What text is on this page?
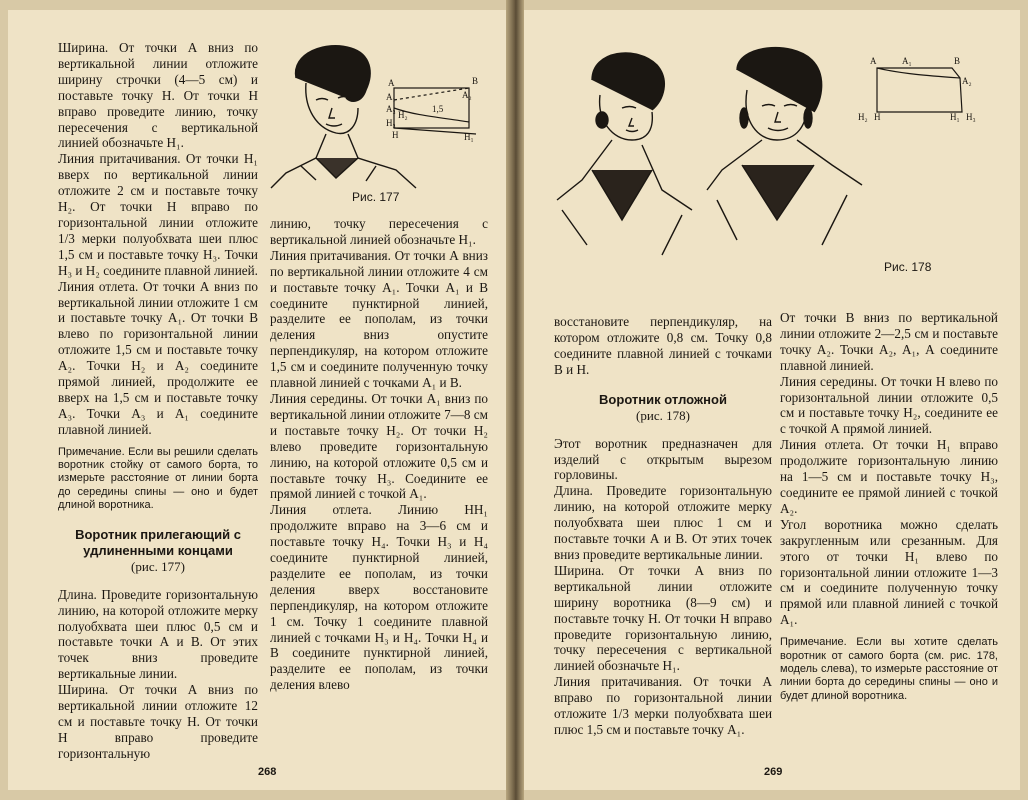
Ширина. От точки А вниз по вертикальной линии отложите ширину строчки (4—5 см) и поставьте точку Н. От точки Н вправо проведите линию, точку пересечения с вертикальной линией обозначьте Н₁.

Линия притачивания. От точки Н₁ вверх по вертикальной линии отложите 2 см и поставьте точку Н₂. От точки Н вправо по горизонтальной линии отложите 1/3 мерки полуобхвата шеи плюс 1,5 см и поставьте точку Н₃. Точки Н₃ и Н₂ соедините плавной линией.

Линия отлета. От точки А вниз по вертикальной линии отложите 1 см и поставьте точку А₁. От точки В влево по горизонтальной линии отложите 1,5 см и поставьте точку А₂. Точки Н₂ и А₂ соедините прямой линией, продолжите ее вверх на 1,5 см и поставьте точку А₃. Точки А₃ и А₁ соедините плавной линией.

Примечание. Если вы решили сделать воротник стойку от самого борта, то измерьте расстояние от линии борта до середины спины — оно и будет длиной воротника.

Воротник прилегающий с удлиненными концами
(рис. 177)

Длина. Проведите горизонтальную линию, на которой отложите мерку полуобхвата шеи плюс 0,5 см и поставьте точки А и В. От этих точек вниз проведите вертикальные линии.

Ширина. От точки А вниз по вертикальной линии отложите 12 см и поставьте точку Н. От точки Н вправо проведите горизонтальную

А
А₁
А₃
А₂
Н₂
Н₃
Н	Н₁
1,5
В
Рис. 177

линию, точку пересечения с вертикальной линией обозначьте Н₁.

Линия притачивания. От точки А вниз по вертикальной линии отложите 4 см и поставьте точку А₁. Точки А₁ и В соедините пунктирной линией, разделите ее пополам, из точки деления вниз опустите перпендикуляр, на котором отложите 1,5 см и соедините полученную точку плавной линией с точками А₁ и В.

Линия середины. От точки А₁ вниз по вертикальной линии отложите 7—8 см и поставьте точку Н₂. От точки Н₂ влево проведите горизонтальную линию, на которой отложите 0,5 см и поставьте точку Н₃. Соедините ее прямой линией с точкой А₁.

Линия отлета. Линию НН₁ продолжите вправо на 3—6 см и поставьте точку Н₄. Точки Н₃ и Н₄ соедините пунктирной линией, разделите ее пополам, из точки деления вверх восстановите перпендикуляр, на котором отложите 1 см. Точку 1 соедините плавной линией с точками Н₃ и Н₄. Точки Н₄ и В соедините пунктирной линией, разделите ее пополам, из точки деления влево

268
А	А₁	В
А₂
Н₂ Н	Н₁ Н₃
Рис. 178

восстановите перпендикуляр, на котором отложите 0,8 см. Точку 0,8 соедините плавной линией с точками В и Н.

Воротник отложной
(рис. 178)

Этот воротник предназначен для изделий с открытым вырезом горловины.

Длина. Проведите горизонтальную линию, на которой отложите мерку полуобхвата шеи плюс 1 см и поставьте точки А и В. От этих точек вниз проведите вертикальные линии.

Ширина. От точки А вниз по вертикальной линии отложите ширину воротника (8—9 см) и поставьте точку Н. От точки Н вправо проведите горизонтальную линию, точку пересечения с вертикальной линией обозначьте Н₁.

Линия притачивания. От точки А вправо по горизонтальной линии отложите 1/3 мерки полуобхвата шеи плюс 1,5 см и поставьте точку А₁.

От точки В вниз по вертикальной линии отложите 2—2,5 см и поставьте точку А₂. Точки А₂, А₁, А соедините плавной линией.

Линия середины. От точки Н влево по горизонтальной линии отложите 0,5 см и поставьте точку Н₂, соедините ее с точкой А прямой линией.

Линия отлета. От точки Н₁ вправо продолжите горизонтальную линию на 1—5 см и поставьте точку Н₃, соедините ее прямой линией с точкой А₂.

Угол воротника можно сделать закругленным или срезанным. Для этого от точки Н₁ влево по горизонтальной линии отложите 1—3 см и соедините полученную точку прямой или плавной линией с точкой А₁.

Примечание. Если вы хотите сделать воротник от самого борта (см. рис. 178, модель слева), то измерьте расстояние от линии борта до середины спины — оно и будет длиной воротника.

269
